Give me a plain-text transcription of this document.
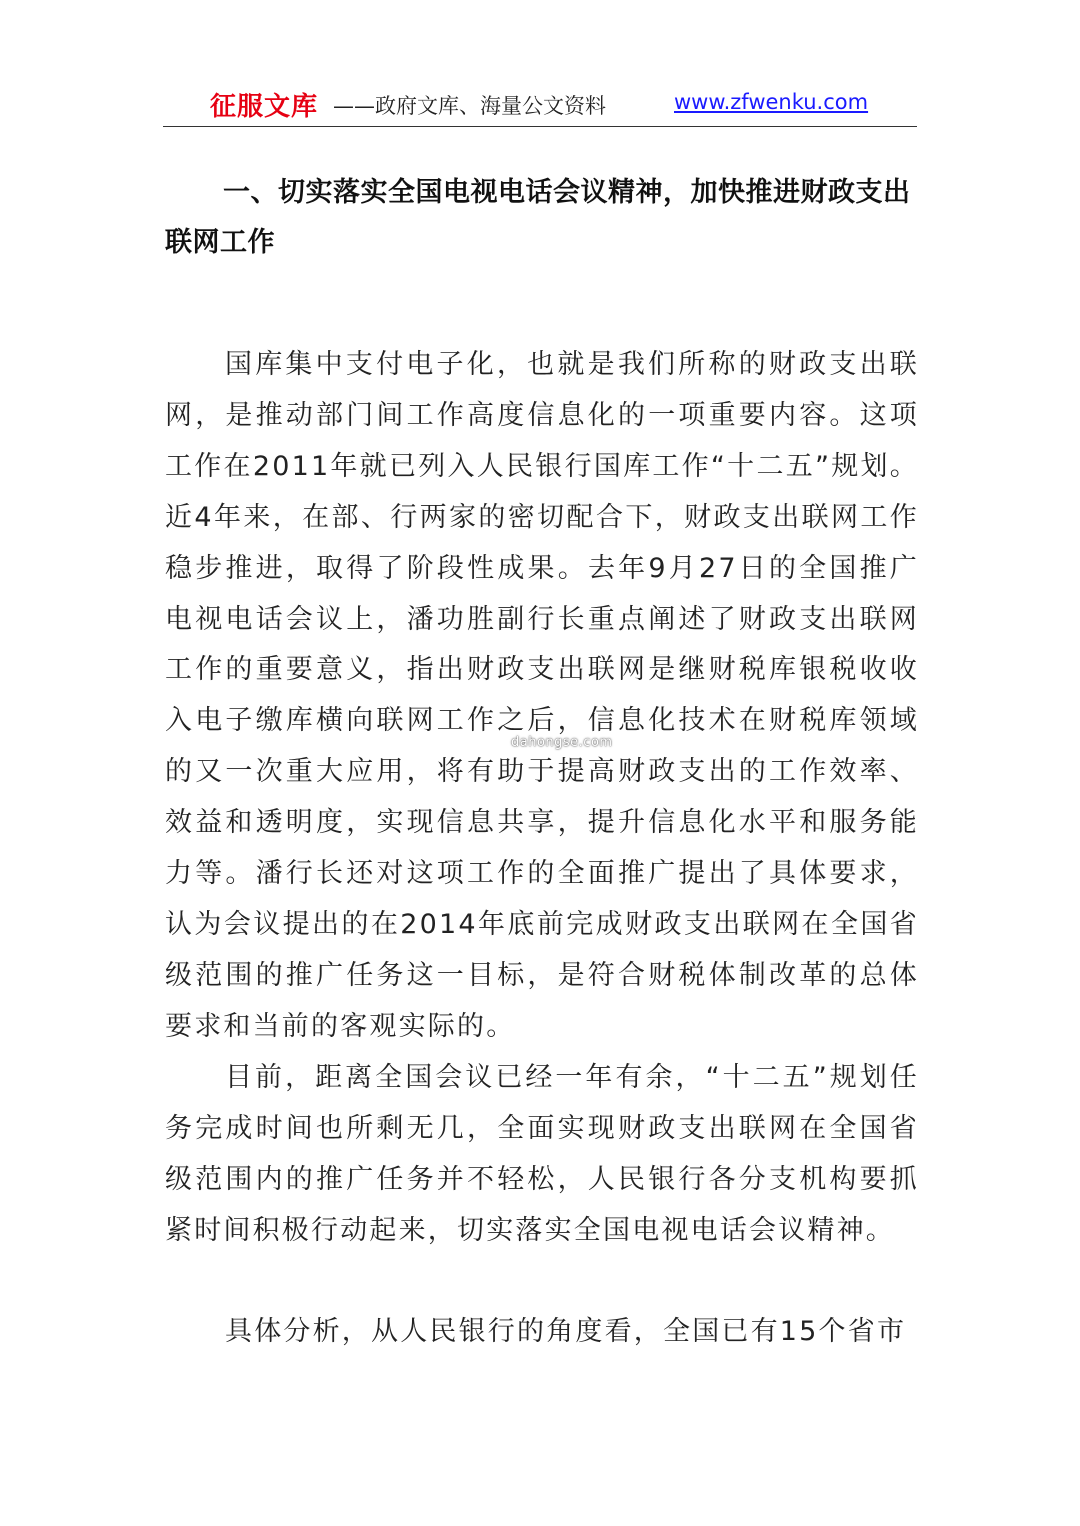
征服文库 ——政府文库、海量公文资料	www.zfwenku.com
一、切实落实全国电视电话会议精神，加快推进财政支出联网工作
国库集中支付电子化，也就是我们所称的财政支出联网，是推动部门间工作高度信息化的一项重要内容。这项工作在2011年就已列入人民银行国库工作“十二五”规划。近4年来，在部、行两家的密切配合下，财政支出联网工作稳步推进，取得了阶段性成果。去年9月27日的全国推广电视电话会议上，潘功胜副行长重点阐述了财政支出联网工作的重要意义，指出财政支出联网是继财税库银税收收入电子缴库横向联网工作之后，信息化技术在财税库领域的又一次重大应用，将有助于提高财政支出的工作效率、效益和透明度，实现信息共享，提升信息化水平和服务能力等。潘行长还对这项工作的全面推广提出了具体要求，认为会议提出的在2014年底前完成财政支出联网在全国省级范围的推广任务这一目标，是符合财税体制改革的总体要求和当前的客观实际的。
目前，距离全国会议已经一年有余，“十二五”规划任务完成时间也所剩无几，全面实现财政支出联网在全国省级范围内的推广任务并不轻松，人民银行各分支机构要抓紧时间积极行动起来，切实落实全国电视电话会议精神。
具体分析，从人民银行的角度看，全国已有15个省市
dahongse.com
